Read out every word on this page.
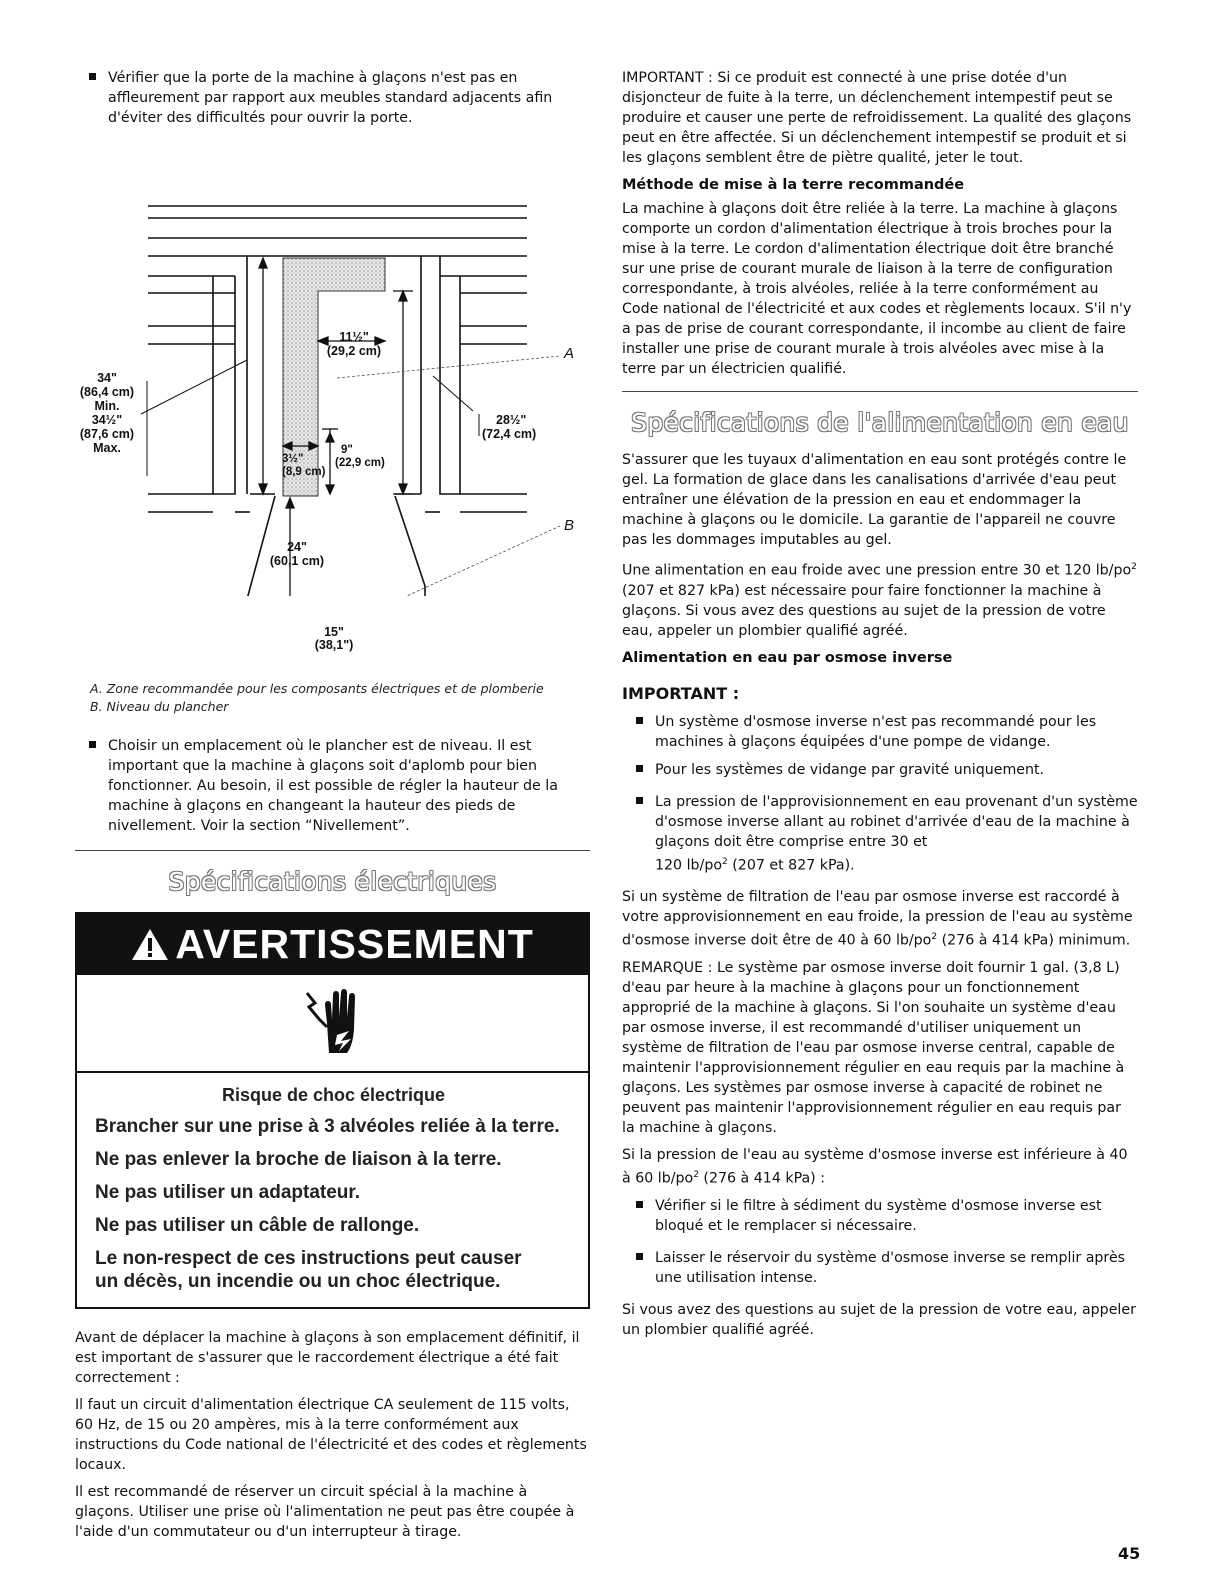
Vérifier que la porte de la machine à glaçons n'est pas en affleurement par rapport aux meubles standard adjacents afin d'éviter des difficultés pour ouvrir la porte.

34"
(86,4 cm)
Min.
34½"
(87,6 cm)
Max.
11½"
(29,2 cm)
28½"
(72,4 cm)
3½"
(8,9 cm)
9"
(22,9 cm)
24"
(60,1 cm)
15"
(38,1")
A
B
A. Zone recommandée pour les composants électriques et de plomberie
B. Niveau du plancher

Choisir un emplacement où le plancher est de niveau. Il est important que la machine à glaçons soit d'aplomb pour bien fonctionner. Au besoin, il est possible de régler la hauteur de la machine à glaçons en changeant la hauteur des pieds de nivellement. Voir la section “Nivellement”.

Spécifications électriques
AVERTISSEMENT
Risque de choc électrique
Brancher sur une prise à 3 alvéoles reliée à la terre.
Ne pas enlever la broche de liaison à la terre.
Ne pas utiliser un adaptateur.
Ne pas utiliser un câble de rallonge.
Le non-respect de ces instructions peut causer
un décès, un incendie ou un choc électrique.

Avant de déplacer la machine à glaçons à son emplacement définitif, il est important de s'assurer que le raccordement électrique a été fait correctement :

Il faut un circuit d'alimentation électrique CA seulement de 115 volts, 60 Hz, de 15 ou 20 ampères, mis à la terre conformément aux instructions du Code national de l'électricité et des codes et règlements locaux.

Il est recommandé de réserver un circuit spécial à la machine à glaçons. Utiliser une prise où l'alimentation ne peut pas être coupée à l'aide d'un commutateur ou d'un interrupteur à tirage.

IMPORTANT : Si ce produit est connecté à une prise dotée d'un disjoncteur de fuite à la terre, un déclenchement intempestif peut se produire et causer une perte de refroidissement. La qualité des glaçons peut en être affectée. Si un déclenchement intempestif se produit et si les glaçons semblent être de piètre qualité, jeter le tout.

Méthode de mise à la terre recommandée

La machine à glaçons doit être reliée à la terre. La machine à glaçons comporte un cordon d'alimentation électrique à trois broches pour la mise à la terre. Le cordon d'alimentation électrique doit être branché sur une prise de courant murale de liaison à la terre de configuration correspondante, à trois alvéoles, reliée à la terre conformément au Code national de l'électricité et aux codes et règlements locaux. S'il n'y a pas de prise de courant correspondante, il incombe au client de faire installer une prise de courant murale à trois alvéoles avec mise à la terre par un électricien qualifié.

Spécifications de l'alimentation en eau

S'assurer que les tuyaux d'alimentation en eau sont protégés contre le gel. La formation de glace dans les canalisations d'arrivée d'eau peut entraîner une élévation de la pression en eau et endommager la machine à glaçons ou le domicile. La garantie de l'appareil ne couvre pas les dommages imputables au gel.

Une alimentation en eau froide avec une pression entre 30 et 120 $lb/po^2$ (207 et 827 kPa) est nécessaire pour faire fonctionner la machine à glaçons. Si vous avez des questions au sujet de la pression de votre eau, appeler un plombier qualifié agréé.

Alimentation en eau par osmose inverse
IMPORTANT :

Un système d'osmose inverse n'est pas recommandé pour les machines à glaçons équipées d'une pompe de vidange.

Pour les systèmes de vidange par gravité uniquement.

La pression de l'approvisionnement en eau provenant d'un système d'osmose inverse allant au robinet d'arrivée d'eau de la machine à glaçons doit être comprise entre 30 et
120 $lb/po^2$ (207 et 827 kPa).

Si un système de filtration de l'eau par osmose inverse est raccordé à votre approvisionnement en eau froide, la pression de l'eau au système d'osmose inverse doit être de 40 à 60 $lb/po^2$ (276 à 414 kPa) minimum.

REMARQUE : Le système par osmose inverse doit fournir 1 gal. (3,8 L) d'eau par heure à la machine à glaçons pour un fonctionnement approprié de la machine à glaçons. Si l'on souhaite un système d'eau par osmose inverse, il est recommandé d'utiliser uniquement un système de filtration de l'eau par osmose inverse central, capable de maintenir l'approvisionnement régulier en eau requis par la machine à glaçons. Les systèmes par osmose inverse à capacité de robinet ne peuvent pas maintenir l'approvisionnement régulier en eau requis par la machine à glaçons.

Si la pression de l'eau au système d'osmose inverse est inférieure à 40 à 60 $lb/po^2$ (276 à 414 kPa) :

Vérifier si le filtre à sédiment du système d'osmose inverse est bloqué et le remplacer si nécessaire.

Laisser le réservoir du système d'osmose inverse se remplir après une utilisation intense.

Si vous avez des questions au sujet de la pression de votre eau, appeler un plombier qualifié agréé.

45
